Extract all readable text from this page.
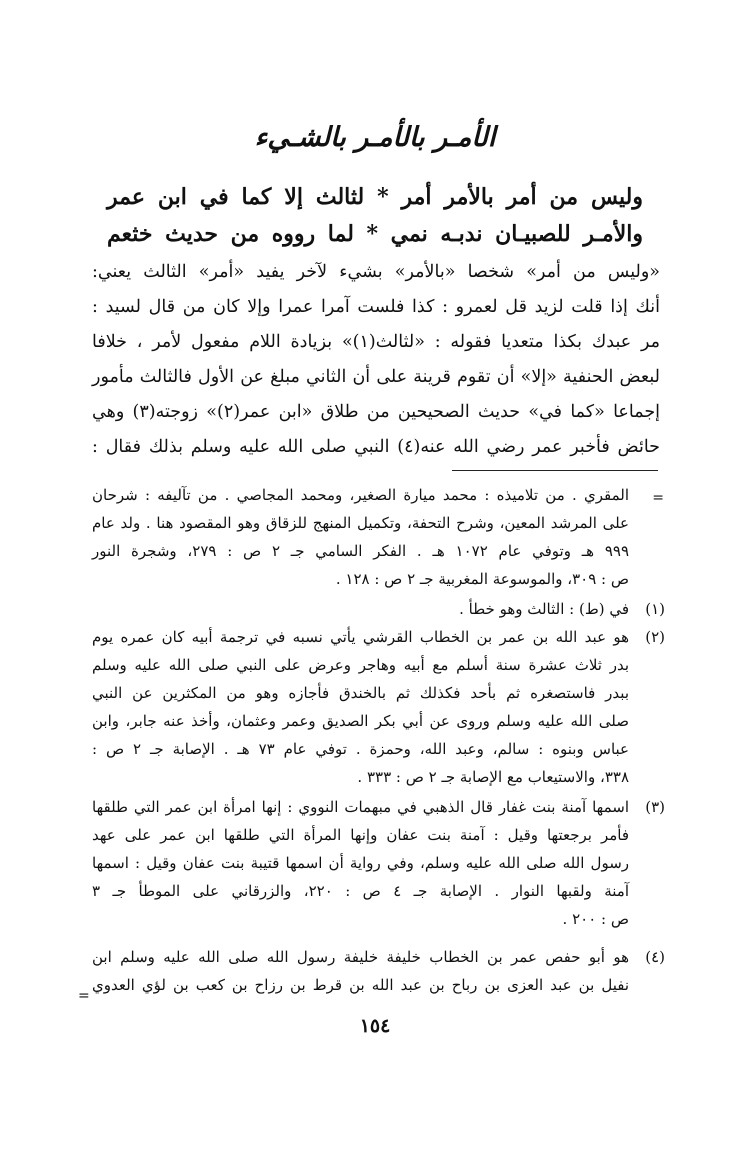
الأمـر بالأمـر بالشـيء
وليس من أمر بالأمر أمر * لثالث إلا كما في ابن عمر
والأمـر للصبيـان ندبـه نمي * لما رووه من حديث خثعم
«وليس من أمر» شخصا «بالأمر» بشيء لآخر يفيد «أمر» الثالث يعني:
أنك إذا قلت لزيد قل لعمرو : كذا فلست آمرا عمرا وإلا كان من قال لسيد :
مر عبدك بكذا متعديا فقوله : «لثالث(١)» بزيادة اللام مفعول لأمر ، خلافا
لبعض الحنفية «إلا» أن تقوم قرينة على أن الثاني مبلغ عن الأول فالثالث مأمور
إجماعا «كما في» حديث الصحيحين من طلاق «ابن عمر(٢)» زوجته(٣) وهي
حائض فأخبر عمر رضي الله عنه(٤) النبي صلى الله عليه وسلم بذلك فقال :
=
المقري . من تلاميذه : محمد ميارة الصغير، ومحمد المجاصي . من تآليفه : شرحان
على المرشد المعين، وشرح التحفة، وتكميل المنهج للزقاق وهو المقصود هنا . ولد عام
٩٩٩ هـ وتوفي عام ١٠٧٢ هـ . الفكر السامي جـ ٢ ص : ٢٧٩، وشجرة النور
ص : ٣٠٩، والموسوعة المغربية جـ ٢ ص : ١٢٨ .
(١)
في (ط) : الثالث وهو خطأ .
(٢)
هو عبد الله بن عمر بن الخطاب القرشي يأتي نسبه في ترجمة أبيه كان عمره يوم
بدر ثلاث عشرة سنة أسلم مع أبيه وهاجر وعرض على النبي صلى الله عليه وسلم
ببدر فاستصغره ثم بأحد فكذلك ثم بالخندق فأجازه وهو من المكثرين عن النبي
صلى الله عليه وسلم وروى عن أبي بكر الصديق وعمر وعثمان، وأخذ عنه جابر، وابن
عباس وبنوه : سالم، وعبد الله، وحمزة . توفي عام ٧٣ هـ . الإصابة جـ ٢ ص :
٣٣٨، والاستيعاب مع الإصابة جـ ٢ ص : ٣٣٣ .
(٣)
اسمها آمنة بنت غفار قال الذهبي في مبهمات النووي : إنها امرأة ابن عمر التي طلقها
فأمر برجعتها وقيل : آمنة بنت عفان وإنها المرأة التي طلقها ابن عمر على عهد
رسول الله صلى الله عليه وسلم، وفي رواية أن اسمها قتيبة بنت عفان وقيل : اسمها
آمنة ولقبها النوار . الإصابة جـ ٤ ص : ٢٢٠، والزرقاني على الموطأ جـ ٣
ص : ٢٠٠ .
(٤)
هو أبو حفص عمر بن الخطاب خليفة خليفة رسول الله صلى الله عليه وسلم ابن
نفيل بن عبد العزى بن رباح بن عبد الله بن قرط بن رزاح بن كعب بن لؤي العدوي
=
١٥٤
